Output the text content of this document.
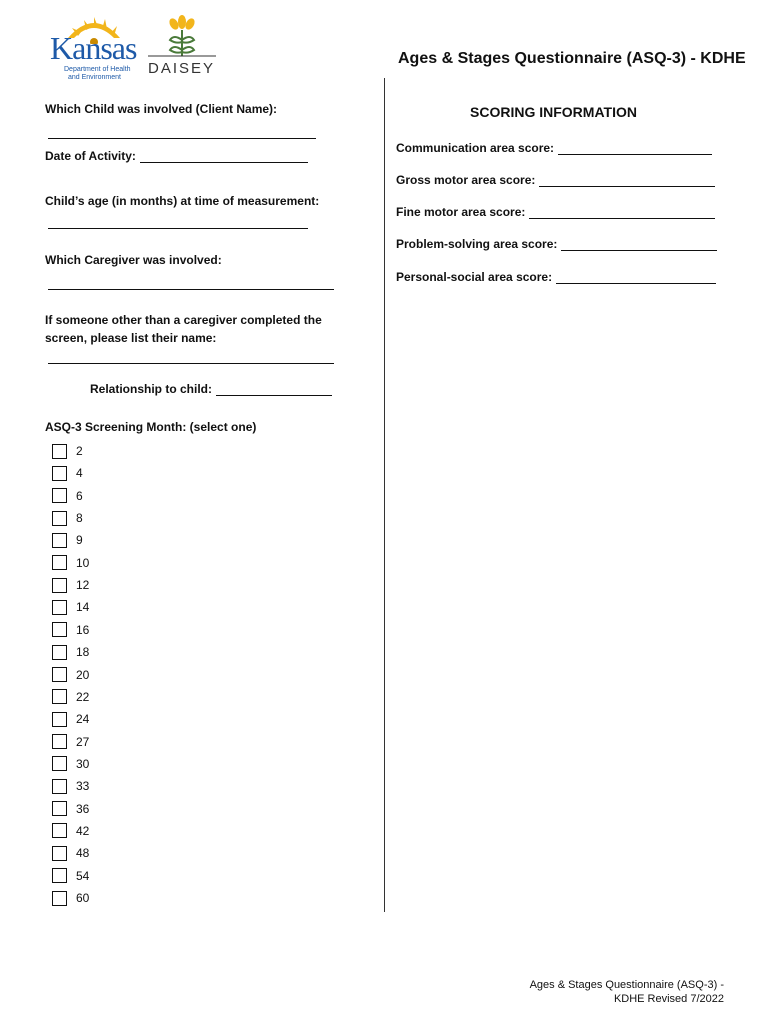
Kansas
Department of Health
and Environment
DAISEY
Ages & Stages Questionnaire (ASQ-3) - KDHE
Which Child was involved (Client Name):
Date of Activity:
Child’s age (in months) at time of measurement:
Which Caregiver was involved:
If someone other than a caregiver completed the
screen, please list their name:
Relationship to child:
ASQ-3 Screening Month: (select one)
2
4
6
8
9
10
12
14
16
18
20
22
24
27
30
33
36
42
48
54
60
SCORING INFORMATION
Communication area score:
Gross motor area score:
Fine motor area score:
Problem-solving area score:
Personal-social area score:
Ages & Stages Questionnaire (ASQ-3) -
KDHE Revised 7/2022
